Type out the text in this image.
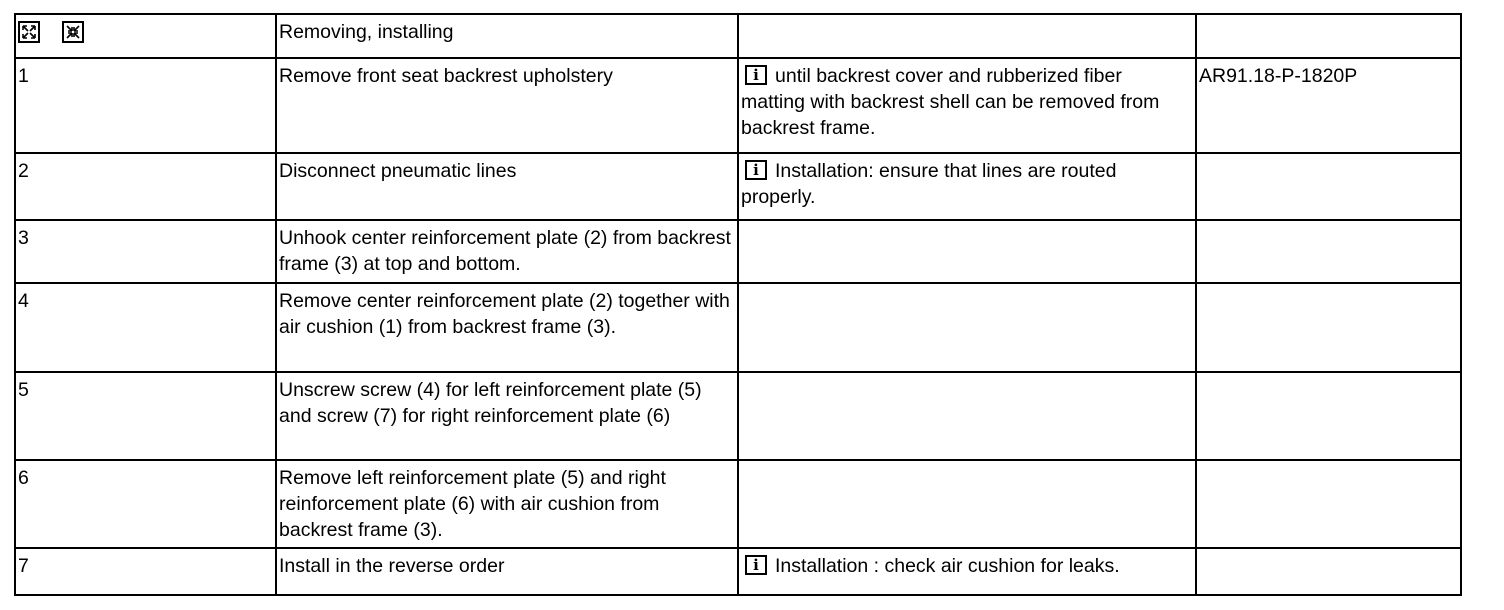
	Removing, installing		
1	Remove front seat backrest upholstery	i until backrest cover and rubberized fiber matting with backrest shell can be removed from backrest frame.	AR91.18-P-1820P
2	Disconnect pneumatic lines	i Installation: ensure that lines are routed properly.	
3	Unhook center reinforcement plate (2) from backrest frame (3) at top and bottom.		
4	Remove center reinforcement plate (2) together with air cushion (1) from backrest frame (3).		
5	Unscrew screw (4) for left reinforcement plate (5) and screw (7) for right reinforcement plate (6)		
6	Remove left reinforcement plate (5) and right reinforcement plate (6) with air cushion from backrest frame (3).		
7	Install in the reverse order	i Installation : check air cushion for leaks.	
